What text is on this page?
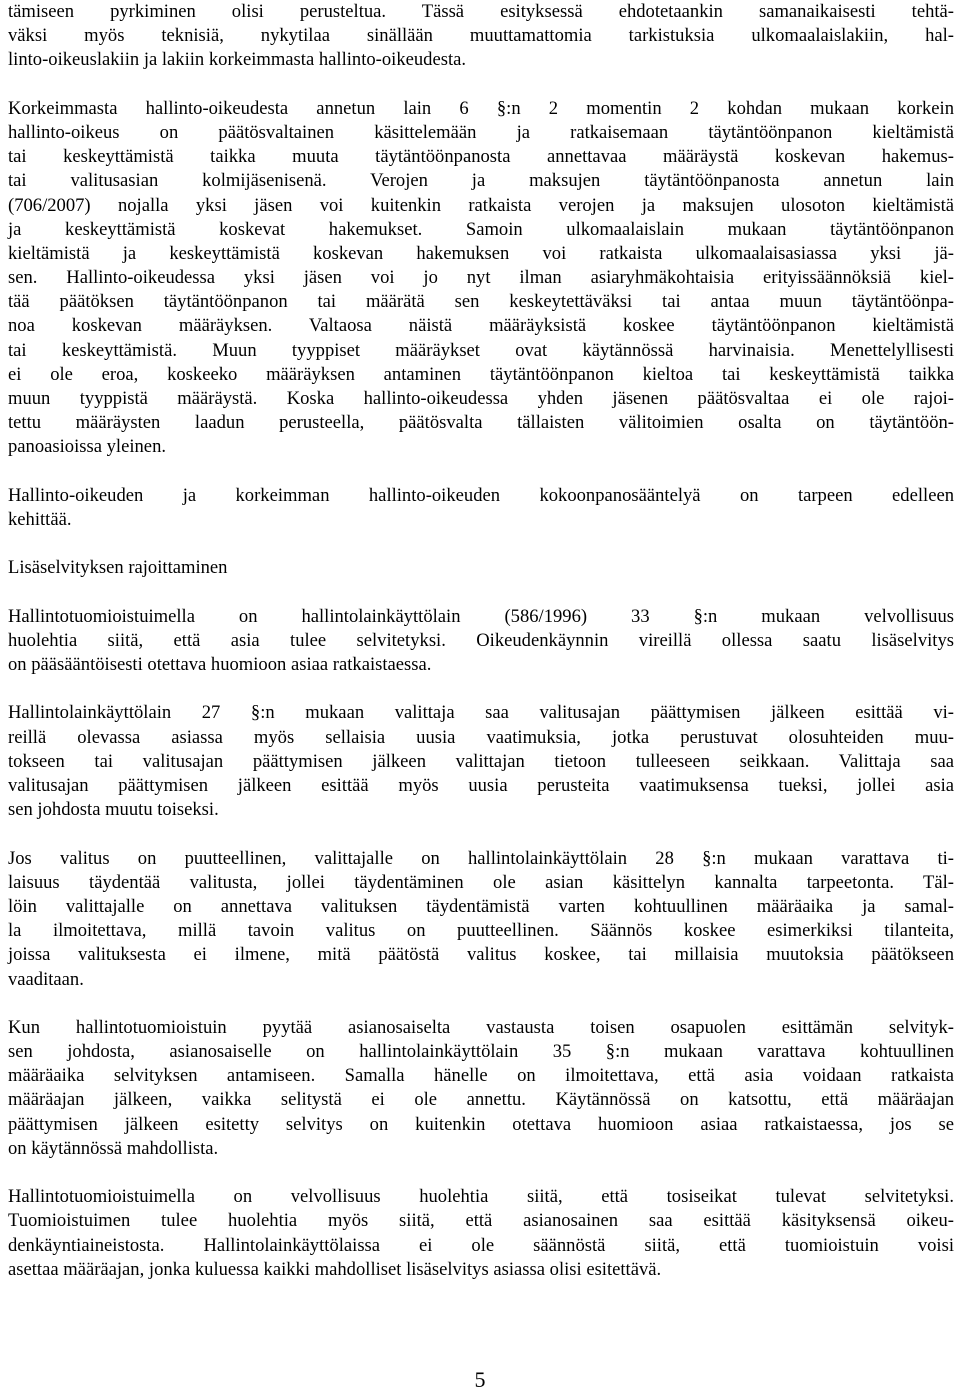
tämiseen pyrkiminen olisi perusteltua. Tässä esityksessä ehdotetaankin samanaikaisesti tehtä-
väksi myös teknisiä, nykytilaa sinällään muuttamattomia tarkistuksia ulkomaalaislakiin, hal-
linto-oikeuslakiin ja lakiin korkeimmasta hallinto-oikeudesta.
Korkeimmasta hallinto-oikeudesta annetun lain 6 §:n 2 momentin 2 kohdan mukaan korkein
hallinto-oikeus on päätösvaltainen käsittelemään ja ratkaisemaan täytäntöönpanon kieltämistä
tai keskeyttämistä taikka muuta täytäntöönpanosta annettavaa määräystä koskevan hakemus-
tai valitusasian kolmijäsenisenä. Verojen ja maksujen täytäntöönpanosta annetun lain
(706/2007) nojalla yksi jäsen voi kuitenkin ratkaista verojen ja maksujen ulosoton kieltämistä
ja keskeyttämistä koskevat hakemukset. Samoin ulkomaalaislain mukaan täytäntöönpanon
kieltämistä ja keskeyttämistä koskevan hakemuksen voi ratkaista ulkomaalaisasiassa yksi jä-
sen. Hallinto-oikeudessa yksi jäsen voi jo nyt ilman asiaryhmäkohtaisia erityissäännöksiä kiel-
tää päätöksen täytäntöönpanon tai määrätä sen keskeytettäväksi tai antaa muun täytäntöönpa-
noa koskevan määräyksen. Valtaosa näistä määräyksistä koskee täytäntöönpanon kieltämistä
tai keskeyttämistä. Muun tyyppiset määräykset ovat käytännössä harvinaisia. Menettelyllisesti
ei ole eroa, koskeeko määräyksen antaminen täytäntöönpanon kieltoa tai keskeyttämistä taikka
muun tyyppistä määräystä. Koska hallinto-oikeudessa yhden jäsenen päätösvaltaa ei ole rajoi-
tettu määräysten laadun perusteella, päätösvalta tällaisten välitoimien osalta on täytäntöön-
panoasioissa yleinen.
Hallinto-oikeuden ja korkeimman hallinto-oikeuden kokoonpanosääntelyä on tarpeen edelleen
kehittää.
Lisäselvityksen rajoittaminen
Hallintotuomioistuimella on hallintolainkäyttölain (586/1996) 33 §:n mukaan velvollisuus
huolehtia siitä, että asia tulee selvitetyksi. Oikeudenkäynnin vireillä ollessa saatu lisäselvitys
on pääsääntöisesti otettava huomioon asiaa ratkaistaessa.
Hallintolainkäyttölain 27 §:n mukaan valittaja saa valitusajan päättymisen jälkeen esittää vi-
reillä olevassa asiassa myös sellaisia uusia vaatimuksia, jotka perustuvat olosuhteiden muu-
tokseen tai valitusajan päättymisen jälkeen valittajan tietoon tulleeseen seikkaan. Valittaja saa
valitusajan päättymisen jälkeen esittää myös uusia perusteita vaatimuksensa tueksi, jollei asia
sen johdosta muutu toiseksi.
Jos valitus on puutteellinen, valittajalle on hallintolainkäyttölain 28 §:n mukaan varattava ti-
laisuus täydentää valitusta, jollei täydentäminen ole asian käsittelyn kannalta tarpeetonta. Täl-
löin valittajalle on annettava valituksen täydentämistä varten kohtuullinen määräaika ja samal-
la ilmoitettava, millä tavoin valitus on puutteellinen. Säännös koskee esimerkiksi tilanteita,
joissa valituksesta ei ilmene, mitä päätöstä valitus koskee, tai millaisia muutoksia päätökseen
vaaditaan.
Kun hallintotuomioistuin pyytää asianosaiselta vastausta toisen osapuolen esittämän selvityk-
sen johdosta, asianosaiselle on hallintolainkäyttölain 35 §:n mukaan varattava kohtuullinen
määräaika selvityksen antamiseen. Samalla hänelle on ilmoitettava, että asia voidaan ratkaista
määräajan jälkeen, vaikka selitystä ei ole annettu. Käytännössä on katsottu, että määräajan
päättymisen jälkeen esitetty selvitys on kuitenkin otettava huomioon asiaa ratkaistaessa, jos se
on käytännössä mahdollista.
Hallintotuomioistuimella on velvollisuus huolehtia siitä, että tosiseikat tulevat selvitetyksi.
Tuomioistuimen tulee huolehtia myös siitä, että asianosainen saa esittää käsityksensä oikeu-
denkäyntiaineistosta. Hallintolainkäyttölaissa ei ole säännöstä siitä, että tuomioistuin voisi
asettaa määräajan, jonka kuluessa kaikki mahdolliset lisäselvitys asiassa olisi esitettävä.
5
